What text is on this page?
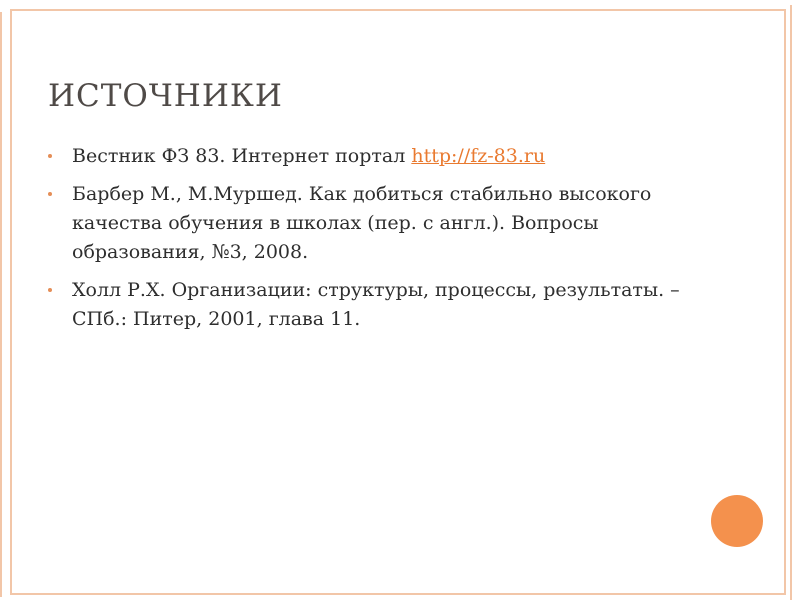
ИСТОЧНИКИ
Вестник ФЗ 83. Интернет портал http://fz-83.ru
Барбер М., М.Муршед. Как добиться стабильно высокого качества обучения в школах (пер. с англ.). Вопросы образования, №3, 2008.
Холл Р.Х. Организации: структуры, процессы, результаты. – СПб.: Питер, 2001, глава 11.
